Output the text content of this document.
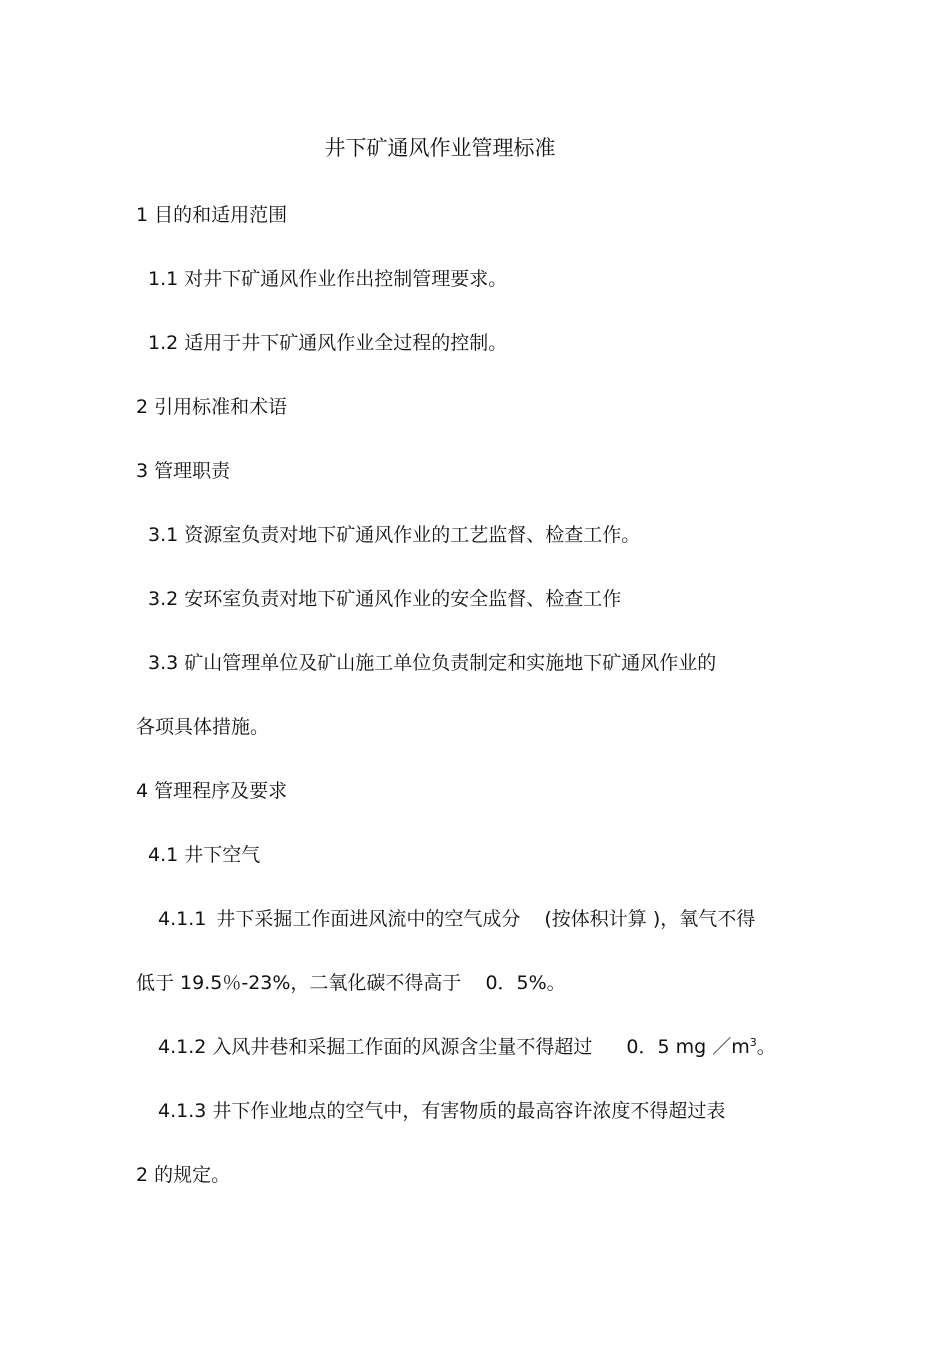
井下矿通风作业管理标准
1 目的和适用范围
1.1 对井下矿通风作业作出控制管理要求。
1.2 适用于井下矿通风作业全过程的控制。
2 引用标准和术语
3 管理职责
3.1 资源室负责对地下矿通风作业的工艺监督、检查工作。
3.2 安环室负责对地下矿通风作业的安全监督、检查工作
3.3 矿山管理单位及矿山施工单位负责制定和实施地下矿通风作业的
各项具体措施。
4 管理程序及要求
4.1 井下空气
4.1.1 井下采掘工作面进风流中的空气成分 (按体积计算 )，氧气不得
低于 19.5％-23%，二氧化碳不得高于 0．5%。
4.1.2 入风井巷和采掘工作面的风源含尘量不得超过 0．5 mg $/m^3$。
4.1.3 井下作业地点的空气中，有害物质的最高容许浓度不得超过表
2 的规定。
